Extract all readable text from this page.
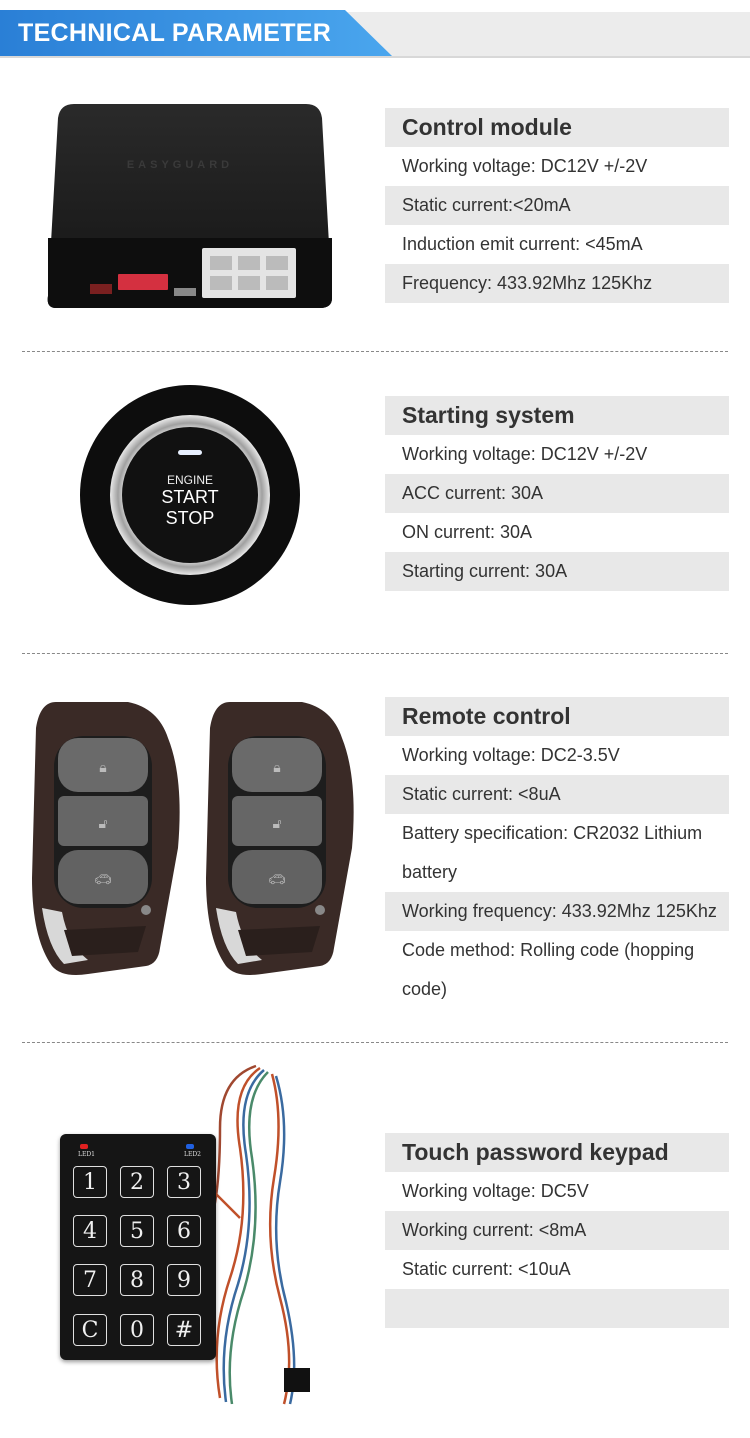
TECHNICAL PARAMETER
EASYGUARD
Control module
Working voltage: DC12V +/-2V
Static current:<20mA
Induction emit current: <45mA
Frequency: 433.92Mhz 125Khz
ENGINE
START
STOP
Starting system
Working voltage: DC12V +/-2V
ACC current: 30A
ON current: 30A
Starting current: 30A
🔒︎
🔓︎
🚗︎
🔒︎
🔓︎
🚗︎
Remote control
Working voltage: DC2-3.5V
Static current: <8uA
Battery specification: CR2032 Lithium battery
Working frequency: 433.92Mhz 125Khz
Code method: Rolling code (hopping code)
LED1	LED2
1	2	3
4	5	6
7	8	9
C	0	#
Touch password keypad
Working voltage: DC5V
Working current: <8mA
Static current: <10uA
